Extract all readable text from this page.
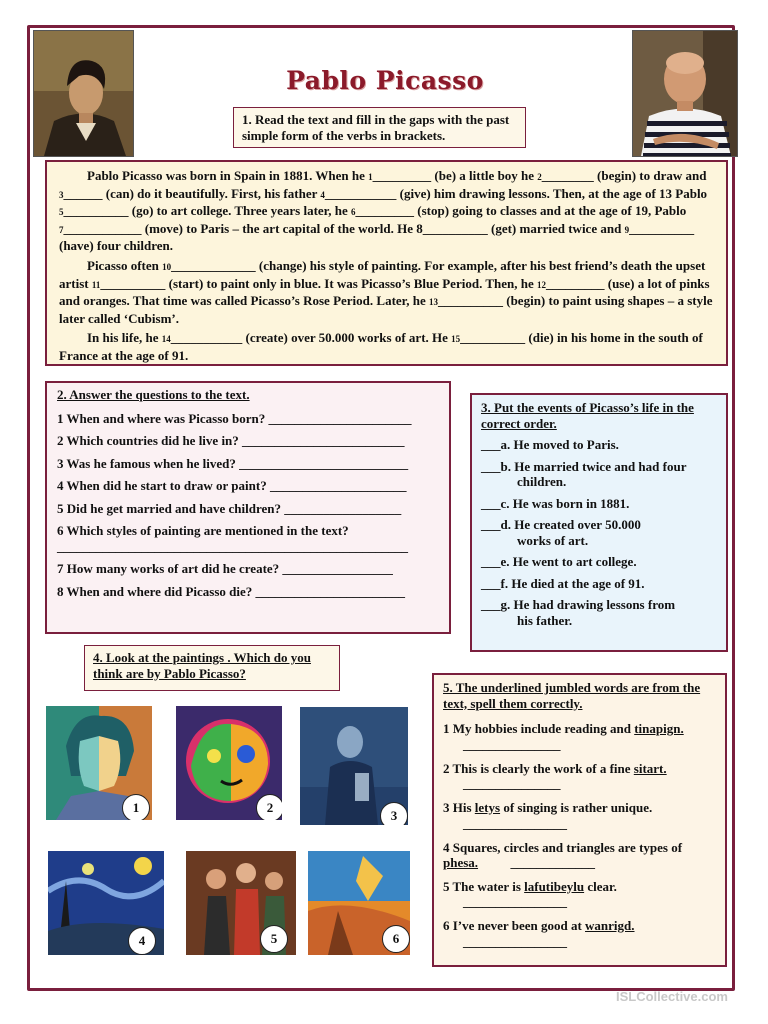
Pablo Picasso
1. Read the text and fill in the gaps with the past simple form of the verbs in brackets.

Pablo Picasso was born in Spain in 1881. When he 1_________ (be) a little boy he 2________ (begin) to draw and 3______ (can) do it beautifully. First, his father 4___________ (give) him drawing lessons. Then, at the age of 13 Pablo 5__________ (go) to art college. Three years later, he 6_________ (stop) going to classes and at the age of 19, Pablo 7____________ (move) to Paris – the art capital of the world. He 8__________ (get) married twice and 9__________ (have) four children.

Picasso often 10_____________ (change) his style of painting. For example, after his best friend’s death the upset artist 11__________ (start) to paint only in blue. It was Picasso’s Blue Period. Then, he 12_________ (use) a lot of pinks and oranges. That time was called Picasso’s Rose Period. Later, he 13__________ (begin) to paint using shapes – a style later called ‘Cubism’.

In his life, he 14___________ (create) over 50.000 works of art. He 15__________ (die) in his home in the south of France at the age of 91.

2. Answer the questions to the text.
1 When and where was Picasso born? ______________________
2 Which countries did he live in? _________________________
3 Was he famous when he lived? __________________________
4 When did he start to draw or paint? _____________________
5 Did he get married and have children? __________________
6 Which styles of painting are mentioned in the text? ______________________________________________________
7 How many works of art did he create? _________________
8 When and where did Picasso die? _______________________
3. Put the events of Picasso’s life in the correct order.
___a. He moved to Paris.
___b. He married twice and had four
children.
___c. He was born in 1881.
___d. He created over 50.000
works of art.
___e. He went to art college.
___f. He died at the age of 91.
___g. He had drawing lessons from
his father.
4. Look at the paintings . Which do you think are by Pablo Picasso?
1	2
3
4	5	6
5. The underlined jumbled words are from the text, spell them correctly.
1 My hobbies include reading and tinapign.
_______________
2 This is clearly the work of a fine sitart.
_______________
3 His letys of singing is rather unique.
________________
4 Squares, circles and triangles are types of phesa.          _____________
5 The water is lafutibeylu clear.
________________
6 I’ve never been good at wanrigd.
________________
ISLCollective.com
